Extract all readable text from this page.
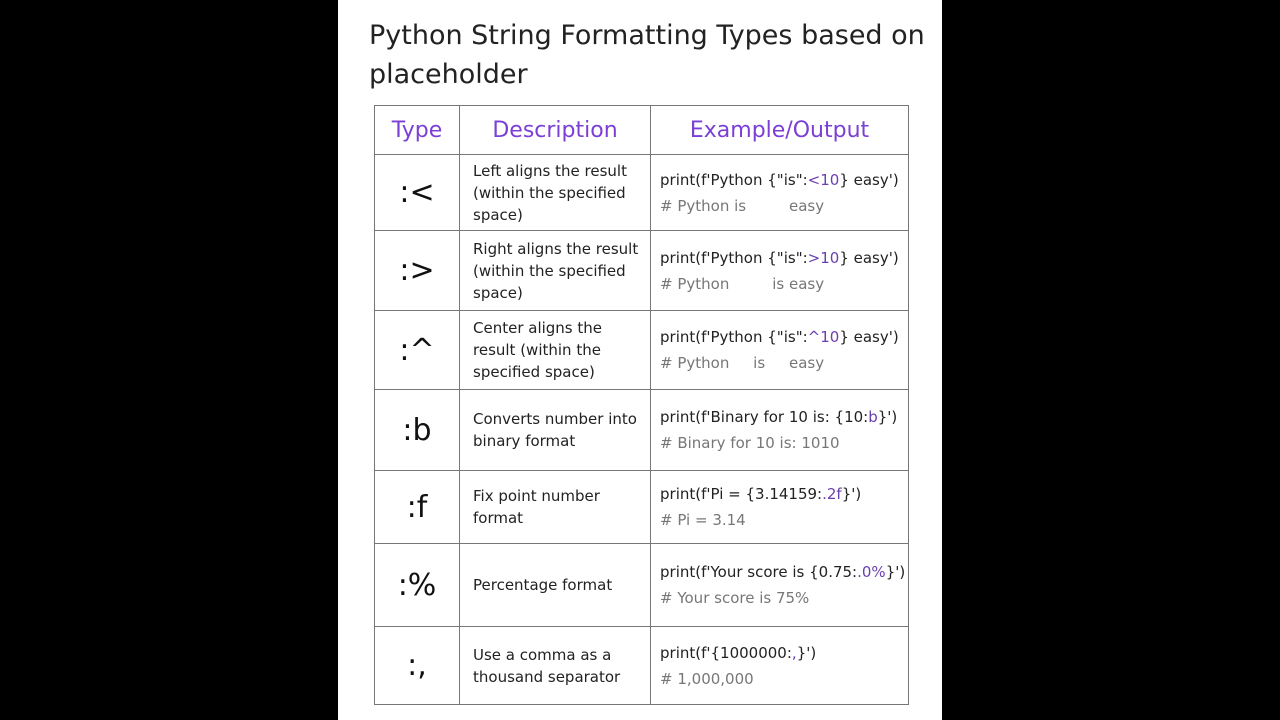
Python String Formatting Types based on placeholder
Type	Description	Example/Output
:<	Left aligns the result (within the specified space)	print(f'Python {"is":<10} easy')
# Python is         easy

:>	Right aligns the result (within the specified space)	print(f'Python {"is":>10} easy')
# Python         is easy

:^	Center aligns the result (within the specified space)	print(f'Python {"is":^10} easy')
# Python     is     easy

:b	Converts number into binary format	print(f'Binary for 10 is: {10:b}')
# Binary for 10 is: 1010

:f	Fix point number format	print(f'Pi = {3.14159:.2f}')
# Pi = 3.14

:%	Percentage format	print(f'Your score is {0.75:.0%}')
# Your score is 75%

:,	Use a comma as a thousand separator	print(f'{1000000:,}')
# 1,000,000
